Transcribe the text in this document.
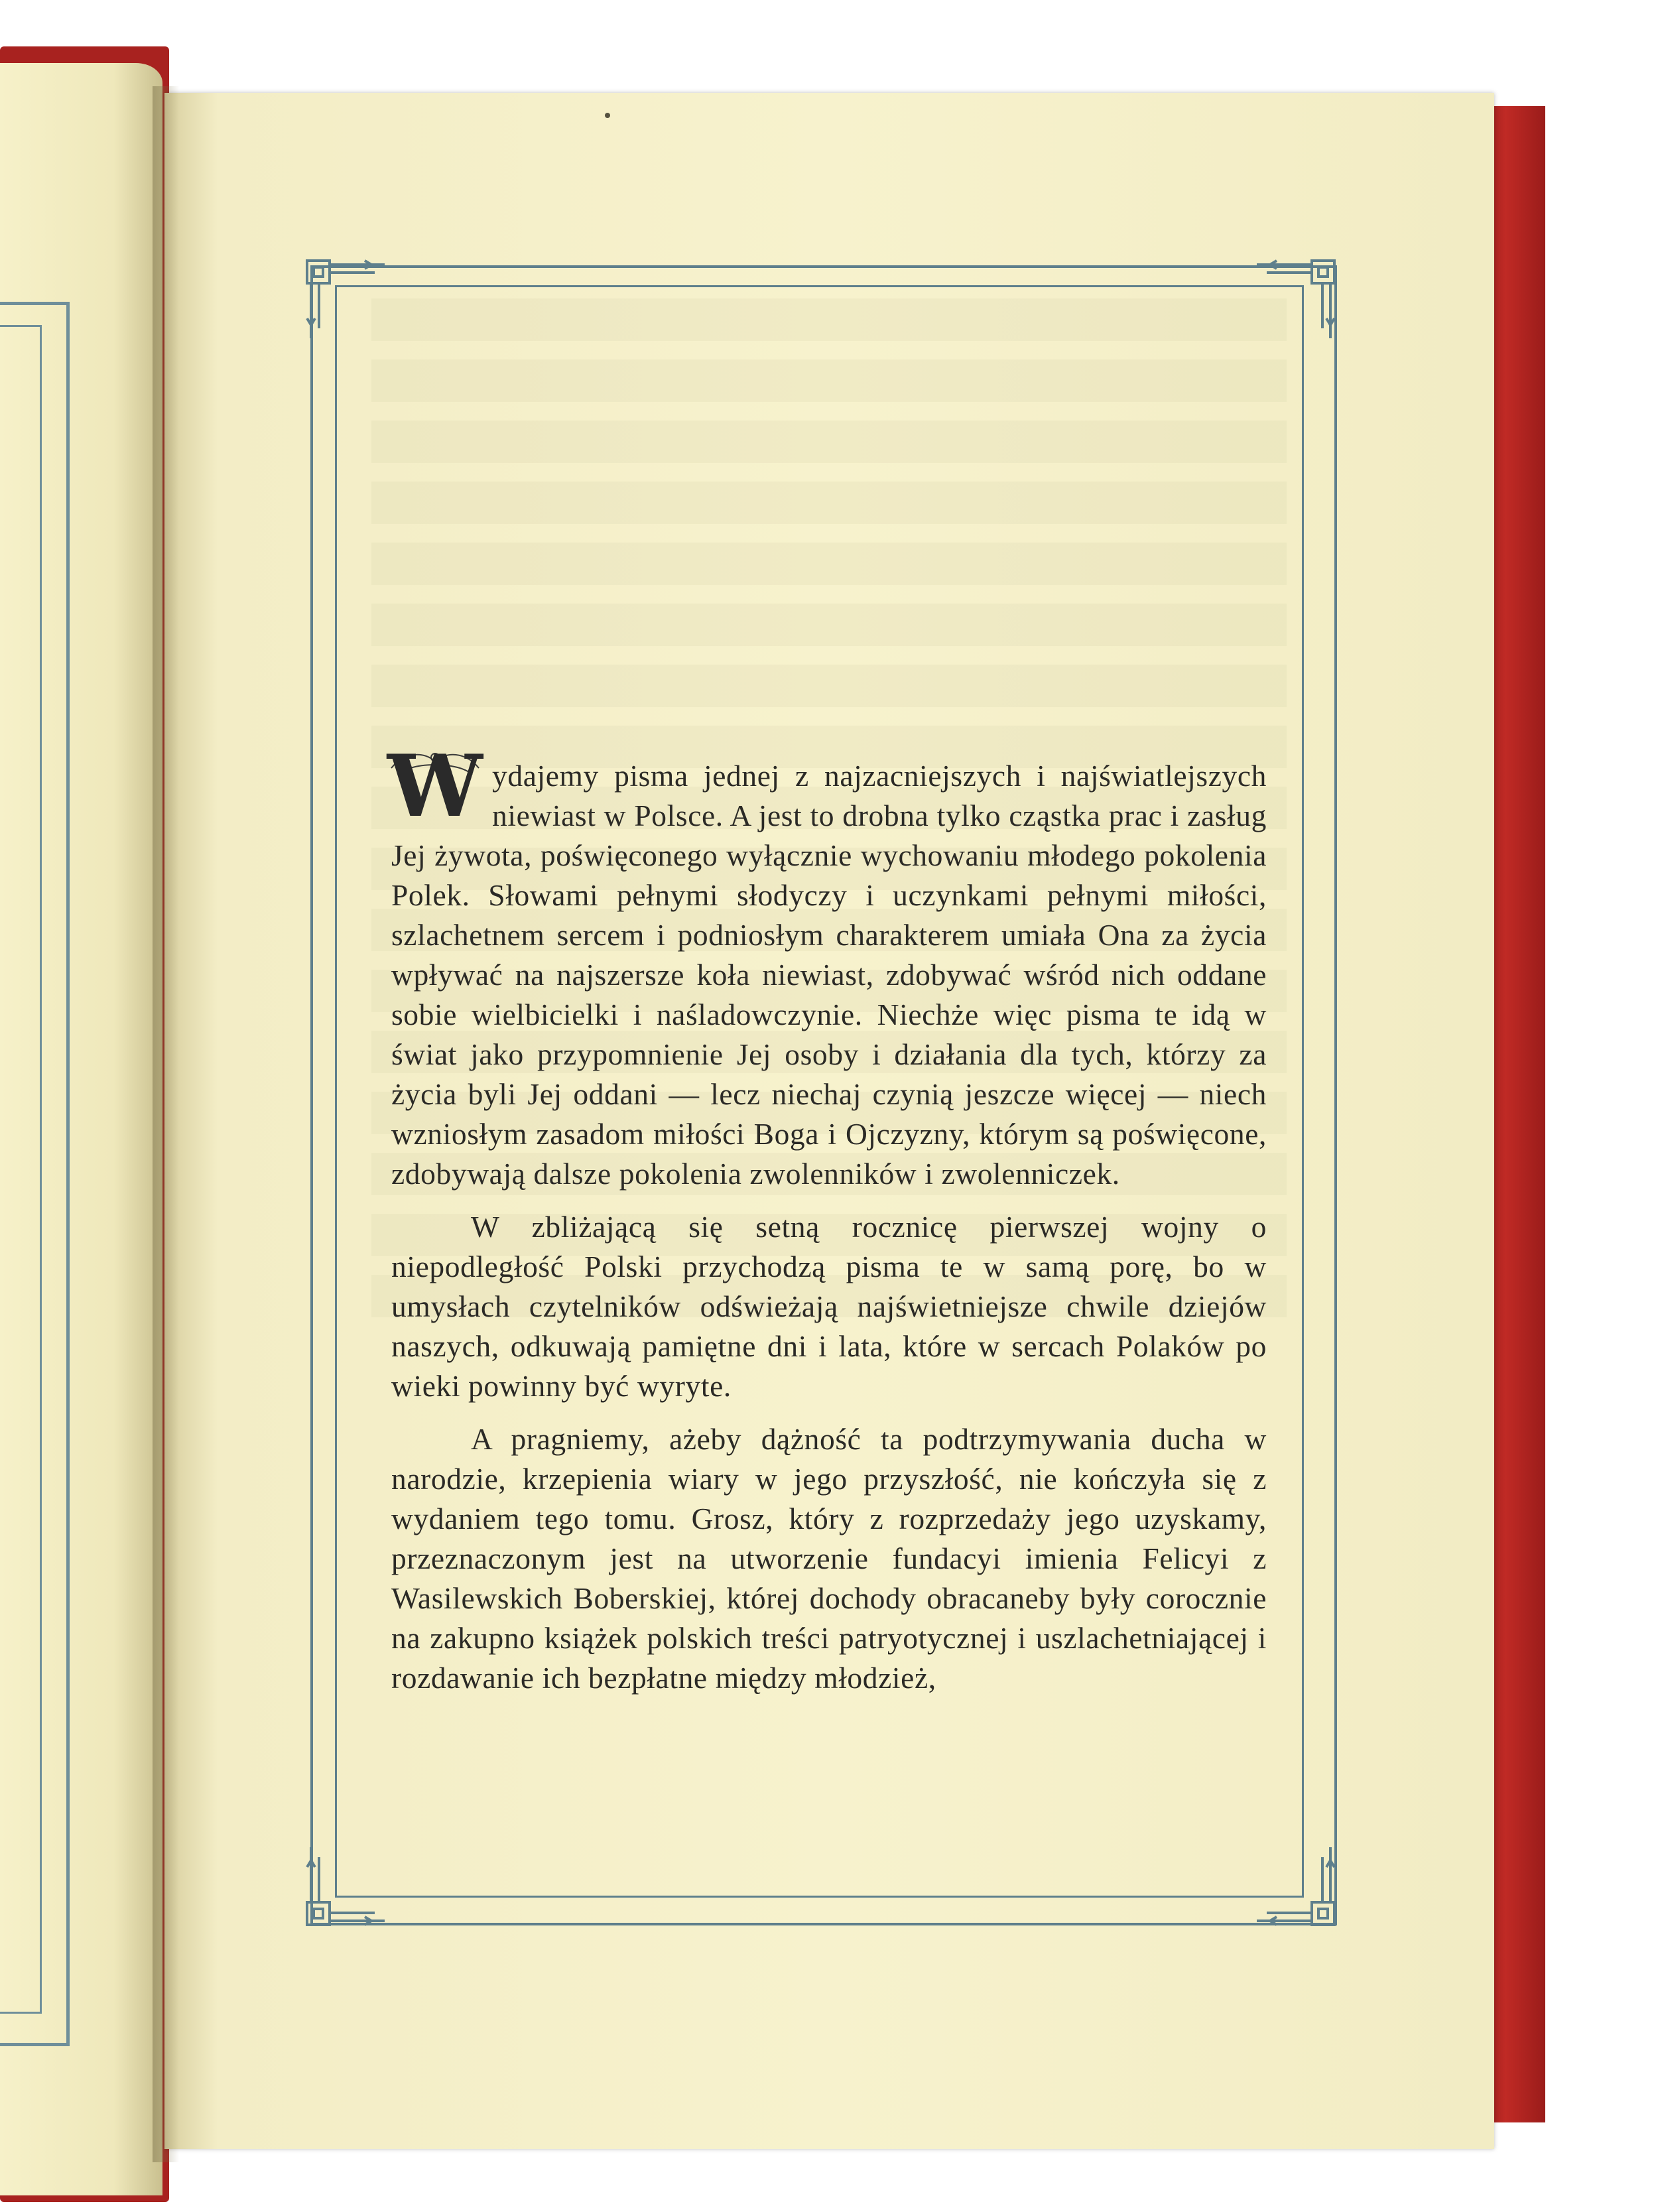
W ydajemy pisma jednej z najzacniejszych i najświatlejszych niewiast w Polsce. A jest to drobna tylko cząstka prac i zasług Jej żywota, poświęconego wyłącznie wychowaniu młodego pokolenia Polek. Słowami pełnymi słodyczy i uczynkami pełnymi miłości, szlachetnem sercem i podniosłym charakterem umiała Ona za życia wpływać na najszersze koła niewiast, zdobywać wśród nich oddane sobie wielbicielki i naśladowczynie. Niechże więc pisma te idą w świat jako przypomnienie Jej osoby i działania dla tych, którzy za życia byli Jej oddani — lecz niechaj czynią jeszcze więcej — niech wzniosłym zasadom miłości Boga i Ojczyzny, którym są poświęcone, zdobywają dalsze pokolenia zwolenników i zwolenniczek.

W zbliżającą się setną rocznicę pierwszej wojny o niepodległość Polski przychodzą pisma te w samą porę, bo w umysłach czytelników odświeżają najświetniejsze chwile dziejów naszych, odkuwają pamiętne dni i lata, które w sercach Polaków po wieki powinny być wyryte.

A pragniemy, ażeby dążność ta podtrzymywania ducha w narodzie, krzepienia wiary w jego przyszłość, nie kończyła się z wydaniem tego tomu. Grosz, który z rozprzedaży jego uzyskamy, przeznaczonym jest na utworzenie fundacyi imienia Felicyi z Wasilewskich Boberskiej, której dochody obracaneby były corocznie na zakupno książek polskich treści patryotycznej i uszlachetniającej i rozdawanie ich bezpłatne między młodzież,
